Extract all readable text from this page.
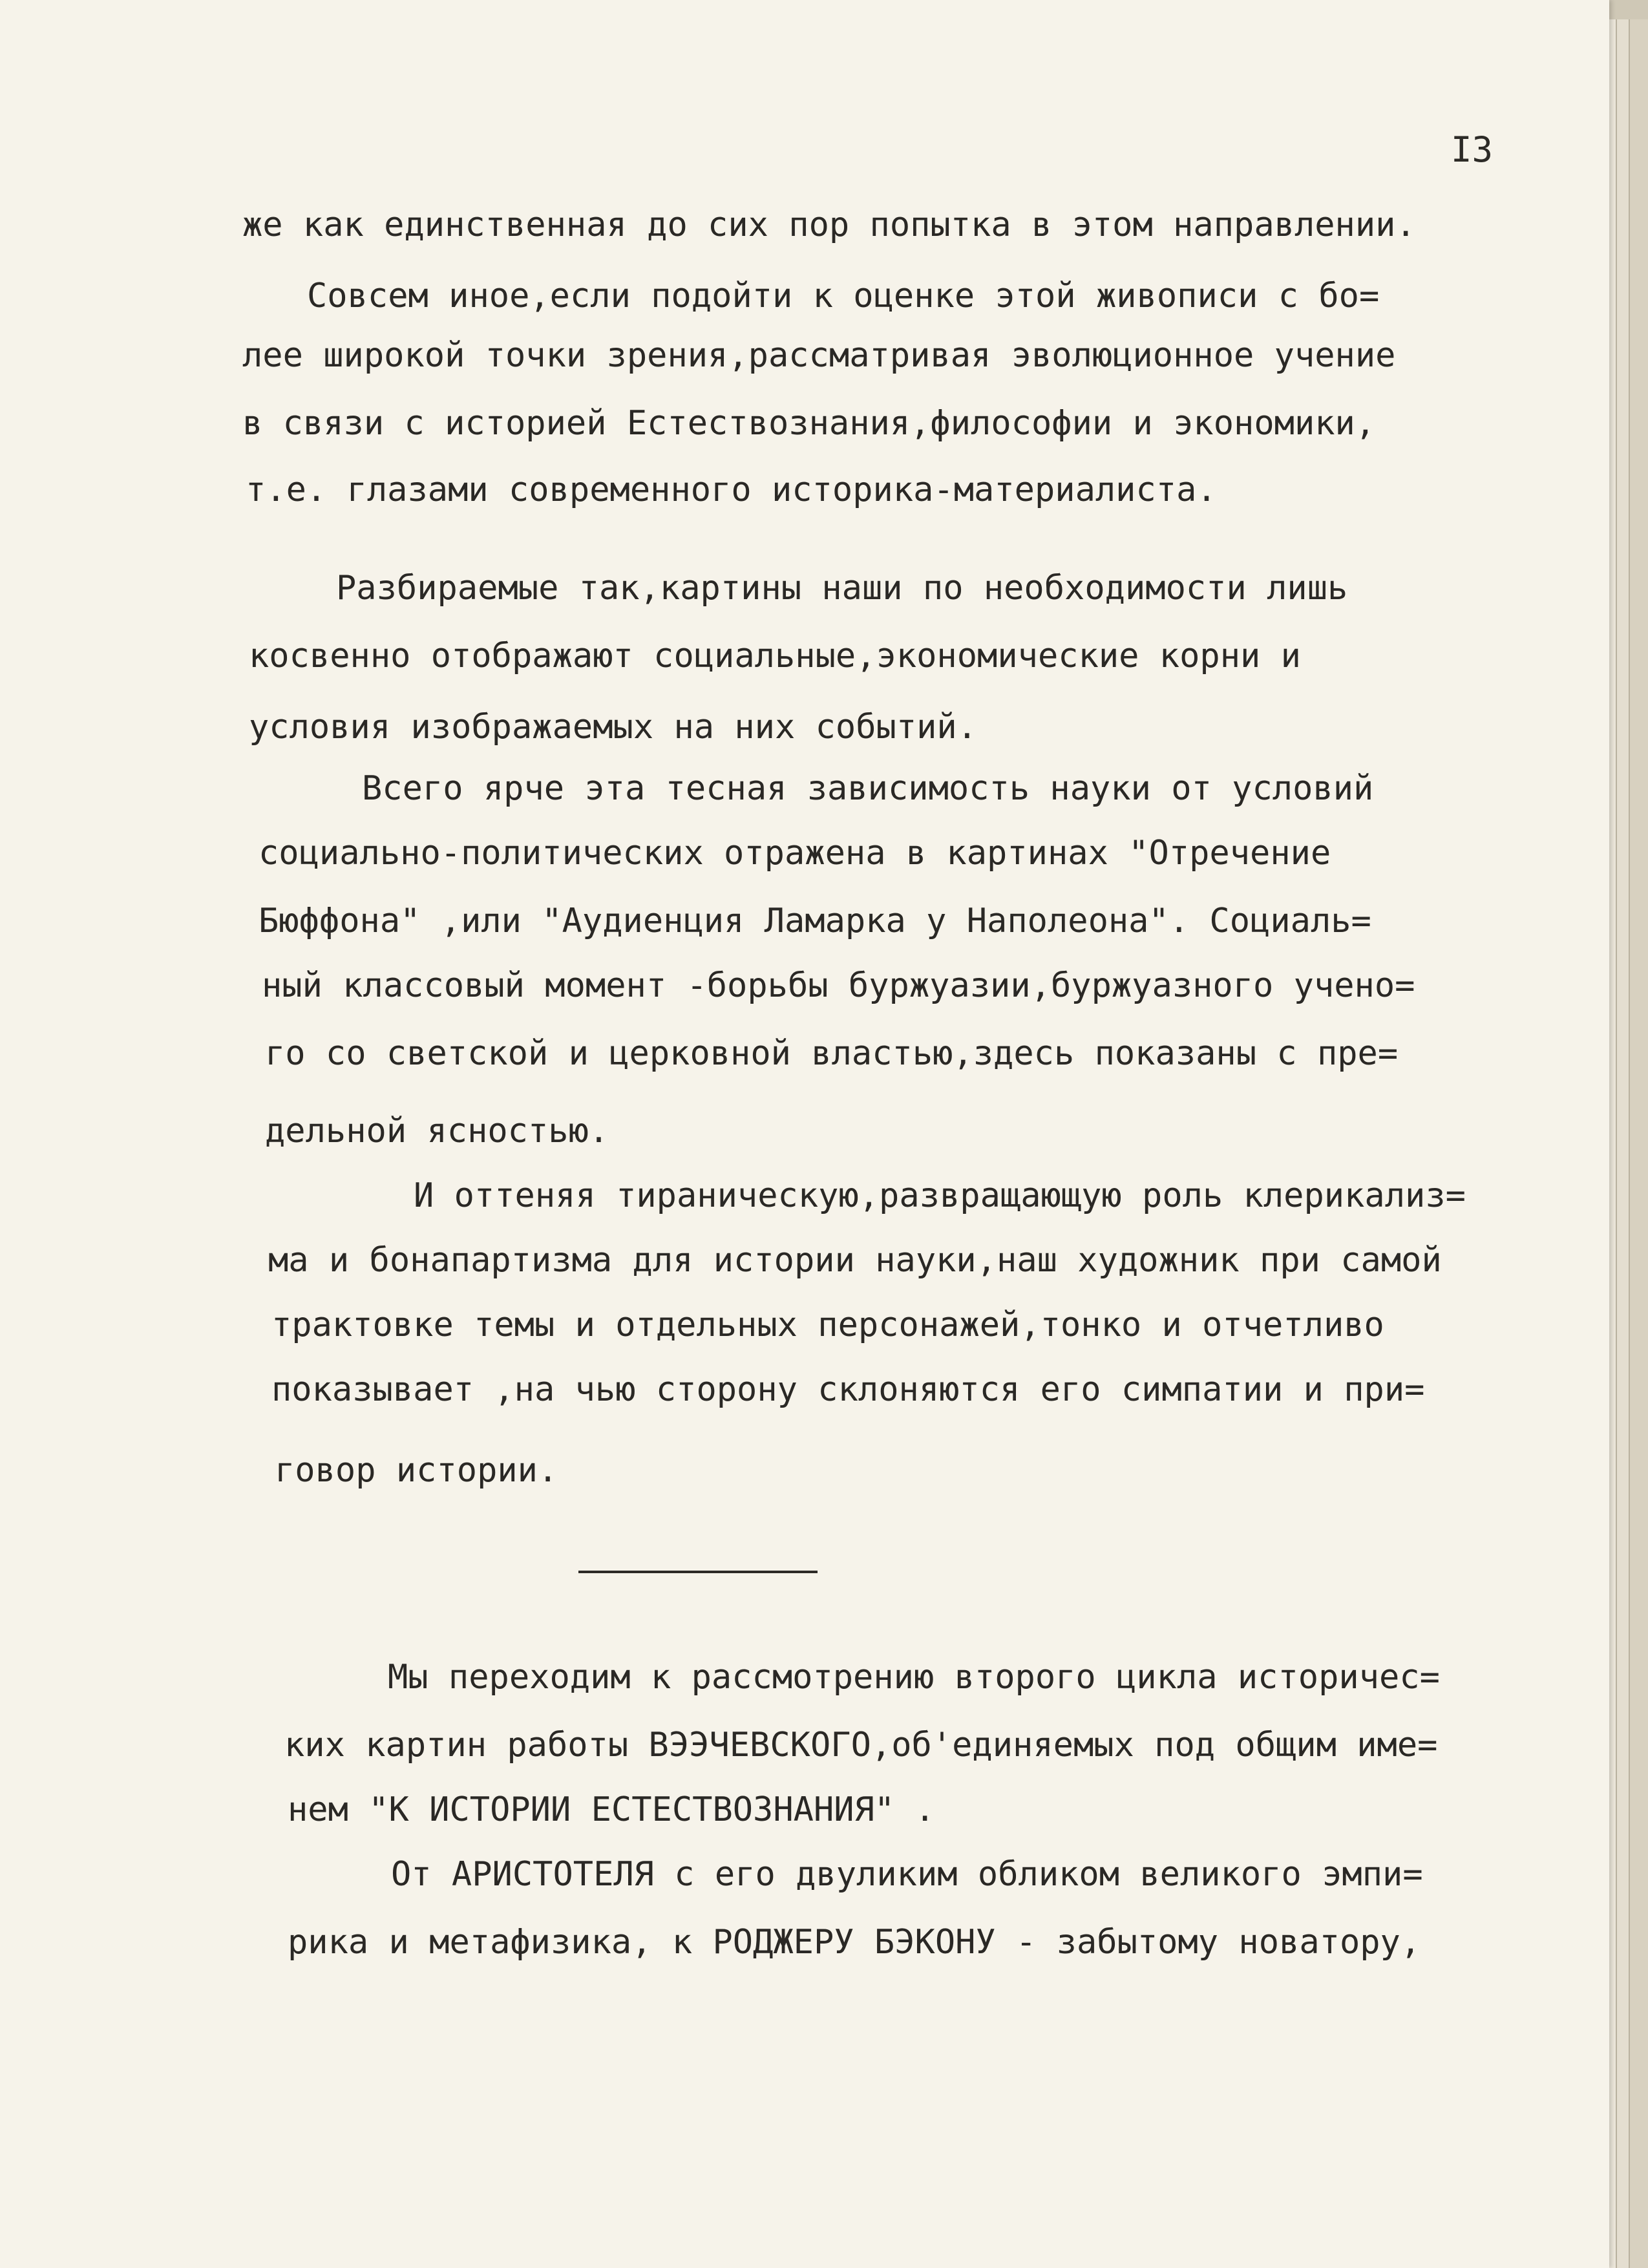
I3
же как единственная до сих пор попытка в этом направлении.
Совсем иное,если подойти к оценке этой живописи с бо=
лее широкой точки зрения,рассматривая эволюционное учение
в связи с историей Естествознания,философии и экономики,
т.е. глазами современного историка-материалиста.
Разбираемые так,картины наши по необходимости лишь
косвенно отображают социальные,экономические корни и
условия изображаемых на них событий.
Всего ярче эта тесная зависимость науки от условий
социально-политических отражена в картинах "Отречение
Бюффона" ,или "Аудиенция Ламарка у Наполеона". Социаль=
ный классовый момент -борьбы буржуазии,буржуазного учено=
го со светской и церковной властью,здесь показаны с пре=
дельной ясностью.
И оттеняя тираническую,развращающую роль клерикализ=
ма и бонапартизма для истории науки,наш художник при самой
трактовке темы и отдельных персонажей,тонко и отчетливо
показывает ,на чью сторону склоняются его симпатии и при=
говор истории.
Мы переходим к рассмотрению второго цикла историчес=
ких картин работы ВЭЭЧЕВСКОГО,об'единяемых под общим име=
нем "К ИСТОРИИ ЕСТЕСТВОЗНАНИЯ" .
От АРИСТОТЕЛЯ с его двуликим обликом великого эмпи=
рика и метафизика, к РОДЖЕРУ БЭКОНУ - забытому новатору,
